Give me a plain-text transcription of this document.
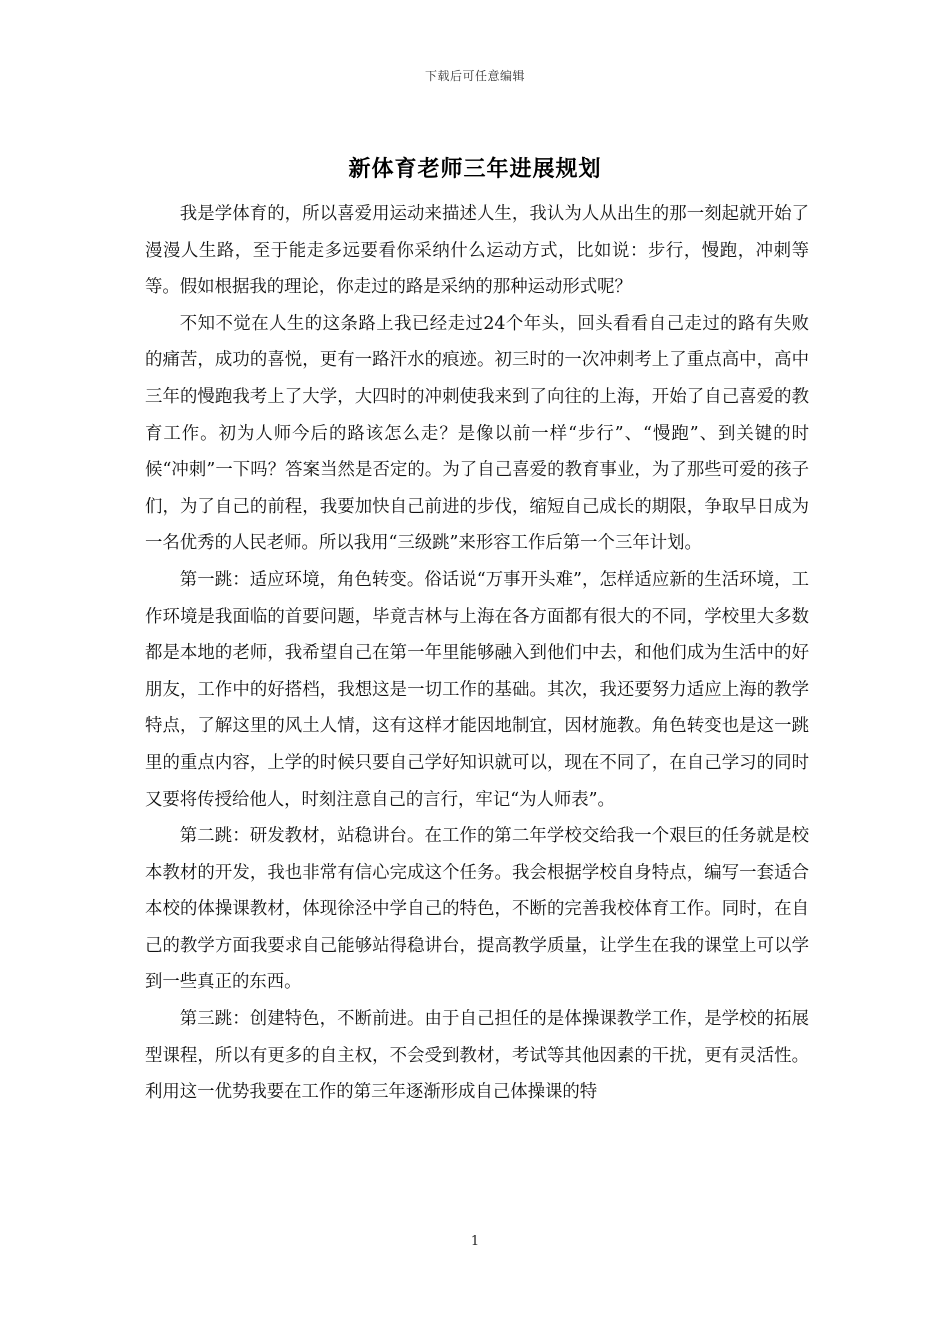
下载后可任意编辑
新体育老师三年进展规划

我是学体育的，所以喜爱用运动来描述人生，我认为人从出生的那一刻起就开始了漫漫人生路，至于能走多远要看你采纳什么运动方式，比如说：步行，慢跑，冲刺等等。假如根据我的理论，你走过的路是采纳的那种运动形式呢？

不知不觉在人生的这条路上我已经走过24个年头，回头看看自己走过的路有失败的痛苦，成功的喜悦，更有一路汗水的痕迹。初三时的一次冲刺考上了重点高中，高中三年的慢跑我考上了大学，大四时的冲刺使我来到了向往的上海，开始了自己喜爱的教育工作。初为人师今后的路该怎么走？是像以前一样“步行”、“慢跑”、到关键的时候“冲刺”一下吗？答案当然是否定的。为了自己喜爱的教育事业，为了那些可爱的孩子们，为了自己的前程，我要加快自己前进的步伐，缩短自己成长的期限，争取早日成为一名优秀的人民老师。所以我用“三级跳”来形容工作后第一个三年计划。

第一跳：适应环境，角色转变。俗话说“万事开头难”，怎样适应新的生活环境，工作环境是我面临的首要问题，毕竟吉林与上海在各方面都有很大的不同，学校里大多数都是本地的老师，我希望自己在第一年里能够融入到他们中去，和他们成为生活中的好朋友，工作中的好搭档，我想这是一切工作的基础。其次，我还要努力适应上海的教学特点，了解这里的风土人情，这有这样才能因地制宜，因材施教。角色转变也是这一跳里的重点内容，上学的时候只要自己学好知识就可以，现在不同了，在自己学习的同时又要将传授给他人，时刻注意自己的言行，牢记“为人师表”。

第二跳：研发教材，站稳讲台。在工作的第二年学校交给我一个艰巨的任务就是校本教材的开发，我也非常有信心完成这个任务。我会根据学校自身特点，编写一套适合本校的体操课教材，体现徐泾中学自己的特色，不断的完善我校体育工作。同时，在自己的教学方面我要求自己能够站得稳讲台，提高教学质量，让学生在我的课堂上可以学到一些真正的东西。

第三跳：创建特色，不断前进。由于自己担任的是体操课教学工作，是学校的拓展型课程，所以有更多的自主权，不会受到教材，考试等其他因素的干扰，更有灵活性。利用这一优势我要在工作的第三年逐渐形成自己体操课的特

1
